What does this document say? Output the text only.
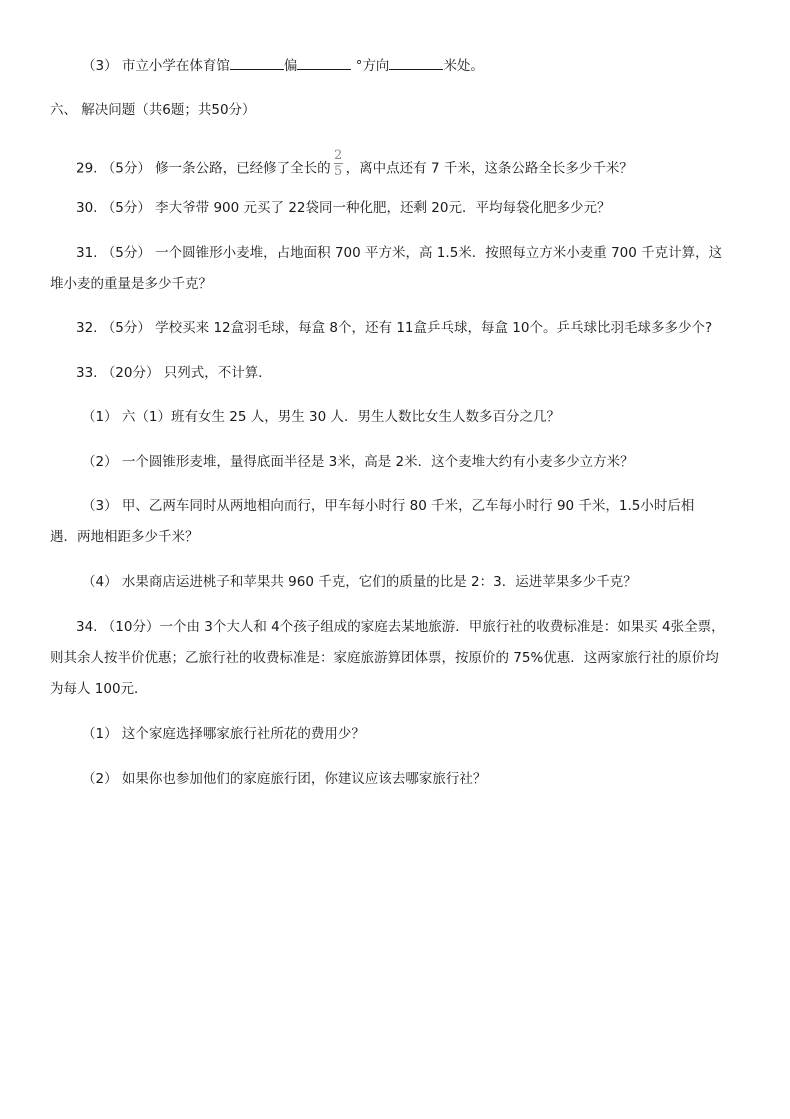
（3） 市立小学在体育馆	偏	°方向	米处。
六、 解决问题（共6题；共50分）
29. （5分） 修一条公路，已经修了全长的 $\frac{2}{5}$ ，离中点还有 7 千米，这条公路全长多少千米？
30. （5分） 李大爷带 900 元买了 22袋同一种化肥，还剩 20元．平均每袋化肥多少元？
31. （5分） 一个圆锥形小麦堆，占地面积 700 平方米，高 1.5米．按照每立方米小麦重 700 千克计算，这
堆小麦的重量是多少千克？
32. （5分） 学校买来 12盒羽毛球，每盒 8个，还有 11盒乒乓球，每盒 10个。乒乓球比羽毛球多多少个?
33. （20分） 只列式，不计算．
（1） 六（1）班有女生 25 人，男生 30 人．男生人数比女生人数多百分之几？
（2） 一个圆锥形麦堆，量得底面半径是 3米，高是 2米．这个麦堆大约有小麦多少立方米？
（3） 甲、乙两车同时从两地相向而行，甲车每小时行 80 千米，乙车每小时行 90 千米，1.5小时后相
遇．两地相距多少千米？
（4） 水果商店运进桃子和苹果共 960 千克，它们的质量的比是 2：3．运进苹果多少千克？
34. （10分）一个由 3个大人和 4个孩子组成的家庭去某地旅游．甲旅行社的收费标准是：如果买 4张全票，
则其余人按半价优惠；乙旅行社的收费标准是：家庭旅游算团体票，按原价的 75%优惠．这两家旅行社的原价均
为每人 100元．
（1） 这个家庭选择哪家旅行社所花的费用少？
（2） 如果你也参加他们的家庭旅行团，你建议应该去哪家旅行社？
